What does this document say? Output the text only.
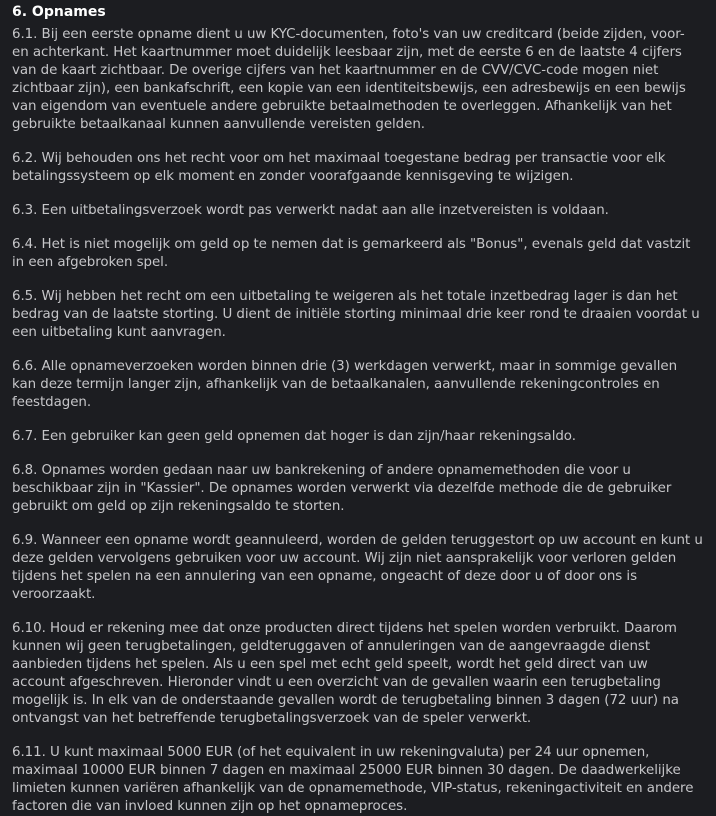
6. Opnames

6.1. Bij een eerste opname dient u uw KYC-documenten, foto's van uw creditcard (beide zijden, voor- en achterkant. Het kaartnummer moet duidelijk leesbaar zijn, met de eerste 6 en de laatste 4 cijfers van de kaart zichtbaar. De overige cijfers van het kaartnummer en de CVV/CVC-code mogen niet zichtbaar zijn), een bankafschrift, een kopie van een identiteitsbewijs, een adresbewijs en een bewijs van eigendom van eventuele andere gebruikte betaalmethoden te overleggen. Afhankelijk van het gebruikte betaalkanaal kunnen aanvullende vereisten gelden.

6.2. Wij behouden ons het recht voor om het maximaal toegestane bedrag per transactie voor elk betalingssysteem op elk moment en zonder voorafgaande kennisgeving te wijzigen.

6.3. Een uitbetalingsverzoek wordt pas verwerkt nadat aan alle inzetvereisten is voldaan.

6.4. Het is niet mogelijk om geld op te nemen dat is gemarkeerd als "Bonus", evenals geld dat vastzit in een afgebroken spel.

6.5. Wij hebben het recht om een uitbetaling te weigeren als het totale inzetbedrag lager is dan het bedrag van de laatste storting. U dient de initiële storting minimaal drie keer rond te draaien voordat u een uitbetaling kunt aanvragen.

6.6. Alle opnameverzoeken worden binnen drie (3) werkdagen verwerkt, maar in sommige gevallen kan deze termijn langer zijn, afhankelijk van de betaalkanalen, aanvullende rekeningcontroles en feestdagen.

6.7. Een gebruiker kan geen geld opnemen dat hoger is dan zijn/haar rekeningsaldo.

6.8. Opnames worden gedaan naar uw bankrekening of andere opnamemethoden die voor u beschikbaar zijn in "Kassier". De opnames worden verwerkt via dezelfde methode die de gebruiker gebruikt om geld op zijn rekeningsaldo te storten.

6.9. Wanneer een opname wordt geannuleerd, worden de gelden teruggestort op uw account en kunt u deze gelden vervolgens gebruiken voor uw account. Wij zijn niet aansprakelijk voor verloren gelden tijdens het spelen na een annulering van een opname, ongeacht of deze door u of door ons is veroorzaakt.

6.10. Houd er rekening mee dat onze producten direct tijdens het spelen worden verbruikt. Daarom kunnen wij geen terugbetalingen, geldteruggaven of annuleringen van de aangevraagde dienst aanbieden tijdens het spelen. Als u een spel met echt geld speelt, wordt het geld direct van uw account afgeschreven. Hieronder vindt u een overzicht van de gevallen waarin een terugbetaling mogelijk is. In elk van de onderstaande gevallen wordt de terugbetaling binnen 3 dagen (72 uur) na ontvangst van het betreffende terugbetalingsverzoek van de speler verwerkt.

6.11. U kunt maximaal 5000 EUR (of het equivalent in uw rekeningvaluta) per 24 uur opnemen, maximaal 10000 EUR binnen 7 dagen en maximaal 25000 EUR binnen 30 dagen. De daadwerkelijke limieten kunnen variëren afhankelijk van de opnamemethode, VIP-status, rekeningactiviteit en andere factoren die van invloed kunnen zijn op het opnameproces.
